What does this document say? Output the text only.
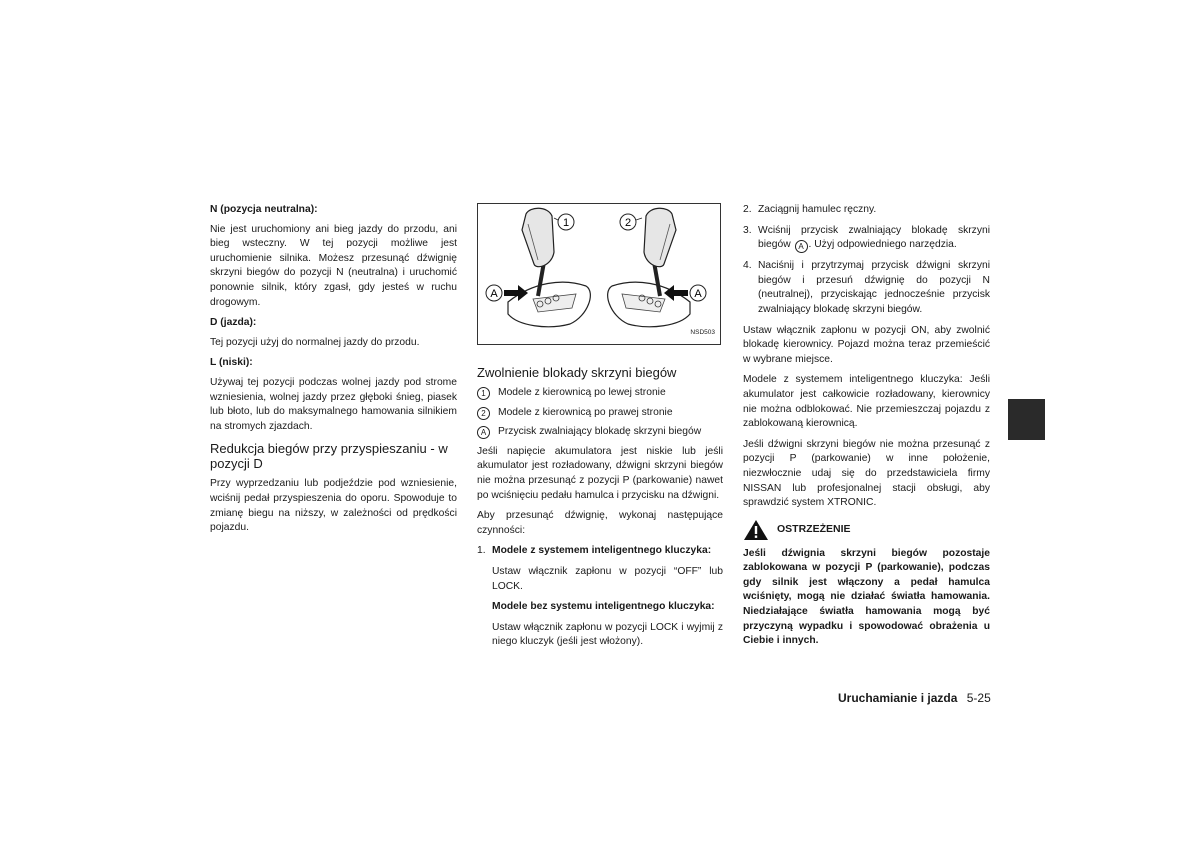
N (pozycja neutralna):

Nie jest uruchomiony ani bieg jazdy do przodu, ani bieg wsteczny. W tej pozycji możliwe jest uruchomienie silnika. Możesz przesunąć dźwignię skrzyni biegów do pozycji N (neutralna) i uruchomić ponownie silnik, który zgasł, gdy jesteś w ruchu drogowym.

D (jazda):

Tej pozycji użyj do normalnej jazdy do przodu.

L (niski):

Używaj tej pozycji podczas wolnej jazdy pod strome wzniesienia, wolnej jazdy przez głęboki śnieg, piasek lub błoto, lub do maksymalnego hamowania silnikiem na stromych zjazdach.

Redukcja biegów przy przyspieszaniu - w pozycji D

Przy wyprzedzaniu lub podjeździe pod wzniesienie, wciśnij pedał przyspieszenia do oporu. Spowoduje to zmianę biegu na niższy, w zależności od prędkości pojazdu.

1
A
2
A
NSD503
Zwolnienie blokady skrzyni biegów
1	Modele z kierownicą po lewej stronie
2	Modele z kierownicą po prawej stronie
A	Przycisk zwalniający blokadę skrzyni biegów

Jeśli napięcie akumulatora jest niskie lub jeśli akumulator jest rozładowany, dźwigni skrzyni biegów nie można przesunąć z pozycji P (parkowanie) nawet po wciśnięciu pedału hamulca i przycisku na dźwigni.

Aby przesunąć dźwignię, wykonaj następujące czynności:

1. Modele z systemem inteligentnego kluczyka:

Ustaw włącznik zapłonu w pozycji “OFF” lub LOCK.

Modele bez systemu inteligentnego kluczyka:

Ustaw włącznik zapłonu w pozycji LOCK i wyjmij z niego kluczyk (jeśli jest włożony).

2. Zaciągnij hamulec ręczny.

3. Wciśnij przycisk zwalniający blokadę skrzyni biegów A . Użyj odpowiedniego narzędzia.

4. Naciśnij i przytrzymaj przycisk dźwigni skrzyni biegów i przesuń dźwignię do pozycji N (neutralnej), przyciskając jednocześnie przycisk zwalniający blokadę skrzyni biegów.

Ustaw włącznik zapłonu w pozycji ON, aby zwolnić blokadę kierownicy. Pojazd można teraz przemieścić w wybrane miejsce.

Modele z systemem inteligentnego kluczyka: Jeśli akumulator jest całkowicie rozładowany, kierownicy nie można odblokować. Nie przemieszczaj pojazdu z zablokowaną kierownicą.

Jeśli dźwigni skrzyni biegów nie można przesunąć z pozycji P (parkowanie) w inne położenie, niezwłocznie udaj się do przedstawiciela firmy NISSAN lub profesjonalnej stacji obsługi, aby sprawdzić system XTRONIC.

OSTRZEŻENIE

Jeśli dźwignia skrzyni biegów pozostaje zablokowana w pozycji P (parkowanie), podczas gdy silnik jest włączony a pedał hamulca wciśnięty, mogą nie działać światła hamowania. Niedziałające światła hamowania mogą być przyczyną wypadku i spowodować obrażenia u Ciebie i innych.

Uruchamianie i jazda 5-25
